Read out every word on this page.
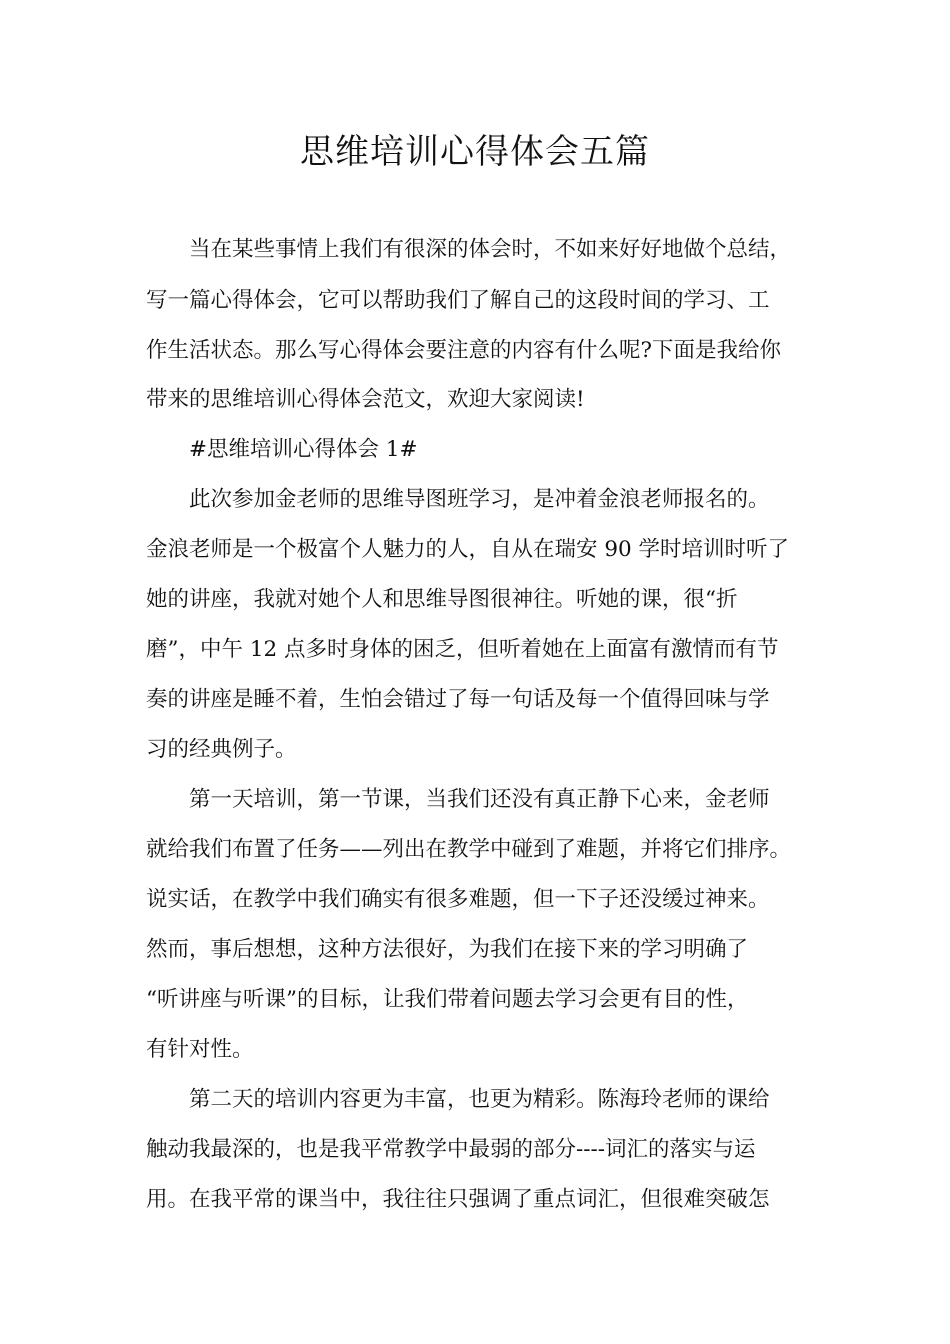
思维培训心得体会五篇

　　当在某些事情上我们有很深的体会时，不如来好好地做个总结，

写一篇心得体会，它可以帮助我们了解自己的这段时间的学习、工

作生活状态。那么写心得体会要注意的内容有什么呢?下面是我给你

带来的思维培训心得体会范文，欢迎大家阅读!

　　#思维培训心得体会 1#

　　此次参加金老师的思维导图班学习，是冲着金浪老师报名的。

金浪老师是一个极富个人魅力的人，自从在瑞安 90 学时培训时听了

她的讲座，我就对她个人和思维导图很神往。听她的课，很“折

磨”，中午 12 点多时身体的困乏，但听着她在上面富有激情而有节

奏的讲座是睡不着，生怕会错过了每一句话及每一个值得回味与学

习的经典例子。

　　第一天培训，第一节课，当我们还没有真正静下心来，金老师

就给我们布置了任务——列出在教学中碰到了难题，并将它们排序。

说实话，在教学中我们确实有很多难题，但一下子还没缓过神来。

然而，事后想想，这种方法很好，为我们在接下来的学习明确了

“听讲座与听课”的目标，让我们带着问题去学习会更有目的性，

有针对性。

　　第二天的培训内容更为丰富，也更为精彩。陈海玲老师的课给

触动我最深的，也是我平常教学中最弱的部分----词汇的落实与运

用。在我平常的课当中，我往往只强调了重点词汇，但很难突破怎
